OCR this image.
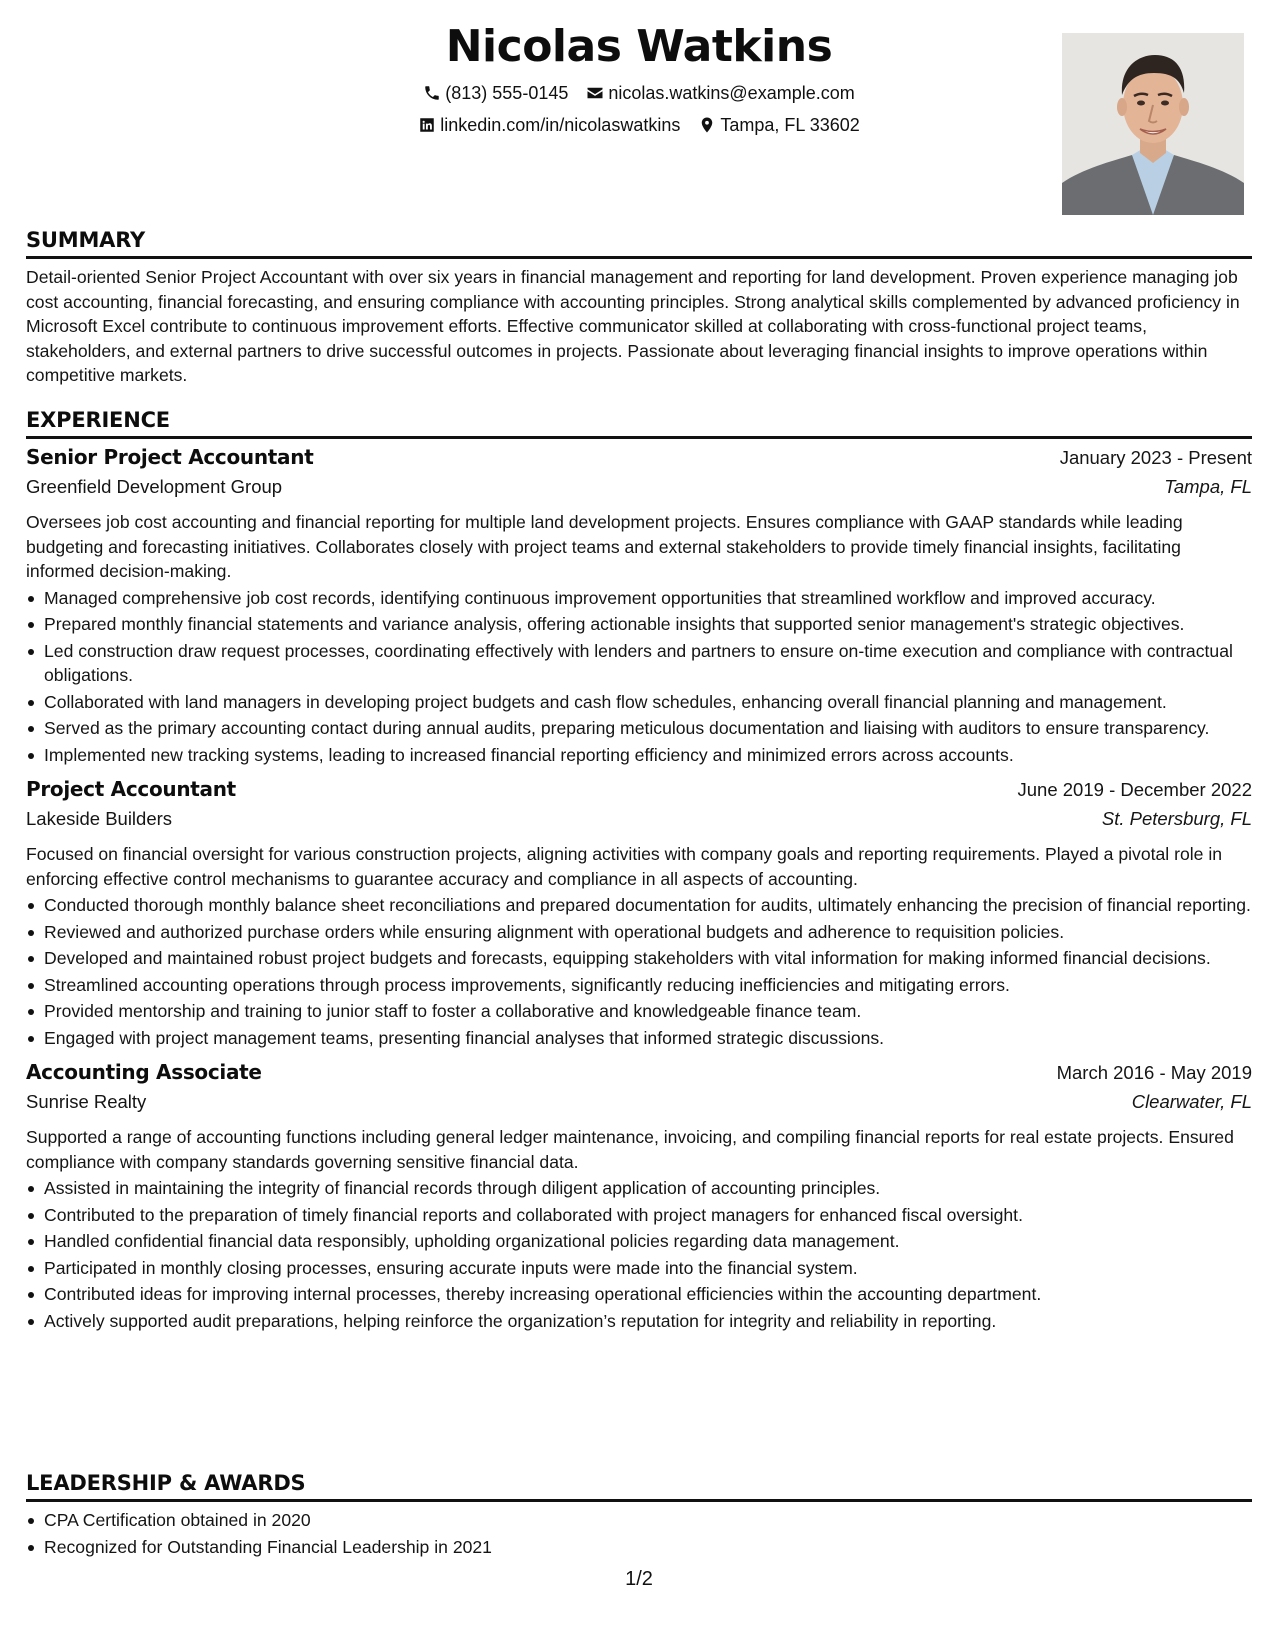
Nicolas Watkins
(813) 555-0145 nicolas.watkins@example.com
linkedin.com/in/nicolaswatkins Tampa, FL 33602
SUMMARY
Detail-oriented Senior Project Accountant with over six years in financial management and reporting for land development. Proven experience managing job cost accounting, financial forecasting, and ensuring compliance with accounting principles. Strong analytical skills complemented by advanced proficiency in Microsoft Excel contribute to continuous improvement efforts. Effective communicator skilled at collaborating with cross-functional project teams, stakeholders, and external partners to drive successful outcomes in projects. Passionate about leveraging financial insights to improve operations within competitive markets.
EXPERIENCE
Senior Project Accountant	January 2023 - Present
Greenfield Development Group	Tampa, FL
Oversees job cost accounting and financial reporting for multiple land development projects. Ensures compliance with GAAP standards while leading budgeting and forecasting initiatives. Collaborates closely with project teams and external stakeholders to provide timely financial insights, facilitating informed decision-making.
Managed comprehensive job cost records, identifying continuous improvement opportunities that streamlined workflow and improved accuracy.
Prepared monthly financial statements and variance analysis, offering actionable insights that supported senior management's strategic objectives.
Led construction draw request processes, coordinating effectively with lenders and partners to ensure on-time execution and compliance with contractual obligations.
Collaborated with land managers in developing project budgets and cash flow schedules, enhancing overall financial planning and management.
Served as the primary accounting contact during annual audits, preparing meticulous documentation and liaising with auditors to ensure transparency.
Implemented new tracking systems, leading to increased financial reporting efficiency and minimized errors across accounts.
Project Accountant	June 2019 - December 2022
Lakeside Builders	St. Petersburg, FL
Focused on financial oversight for various construction projects, aligning activities with company goals and reporting requirements. Played a pivotal role in enforcing effective control mechanisms to guarantee accuracy and compliance in all aspects of accounting.
Conducted thorough monthly balance sheet reconciliations and prepared documentation for audits, ultimately enhancing the precision of financial reporting.
Reviewed and authorized purchase orders while ensuring alignment with operational budgets and adherence to requisition policies.
Developed and maintained robust project budgets and forecasts, equipping stakeholders with vital information for making informed financial decisions.
Streamlined accounting operations through process improvements, significantly reducing inefficiencies and mitigating errors.
Provided mentorship and training to junior staff to foster a collaborative and knowledgeable finance team.
Engaged with project management teams, presenting financial analyses that informed strategic discussions.
Accounting Associate	March 2016 - May 2019
Sunrise Realty	Clearwater, FL
Supported a range of accounting functions including general ledger maintenance, invoicing, and compiling financial reports for real estate projects. Ensured compliance with company standards governing sensitive financial data.
Assisted in maintaining the integrity of financial records through diligent application of accounting principles.
Contributed to the preparation of timely financial reports and collaborated with project managers for enhanced fiscal oversight.
Handled confidential financial data responsibly, upholding organizational policies regarding data management.
Participated in monthly closing processes, ensuring accurate inputs were made into the financial system.
Contributed ideas for improving internal processes, thereby increasing operational efficiencies within the accounting department.
Actively supported audit preparations, helping reinforce the organization’s reputation for integrity and reliability in reporting.
LEADERSHIP & AWARDS
CPA Certification obtained in 2020
Recognized for Outstanding Financial Leadership in 2021
1/2
